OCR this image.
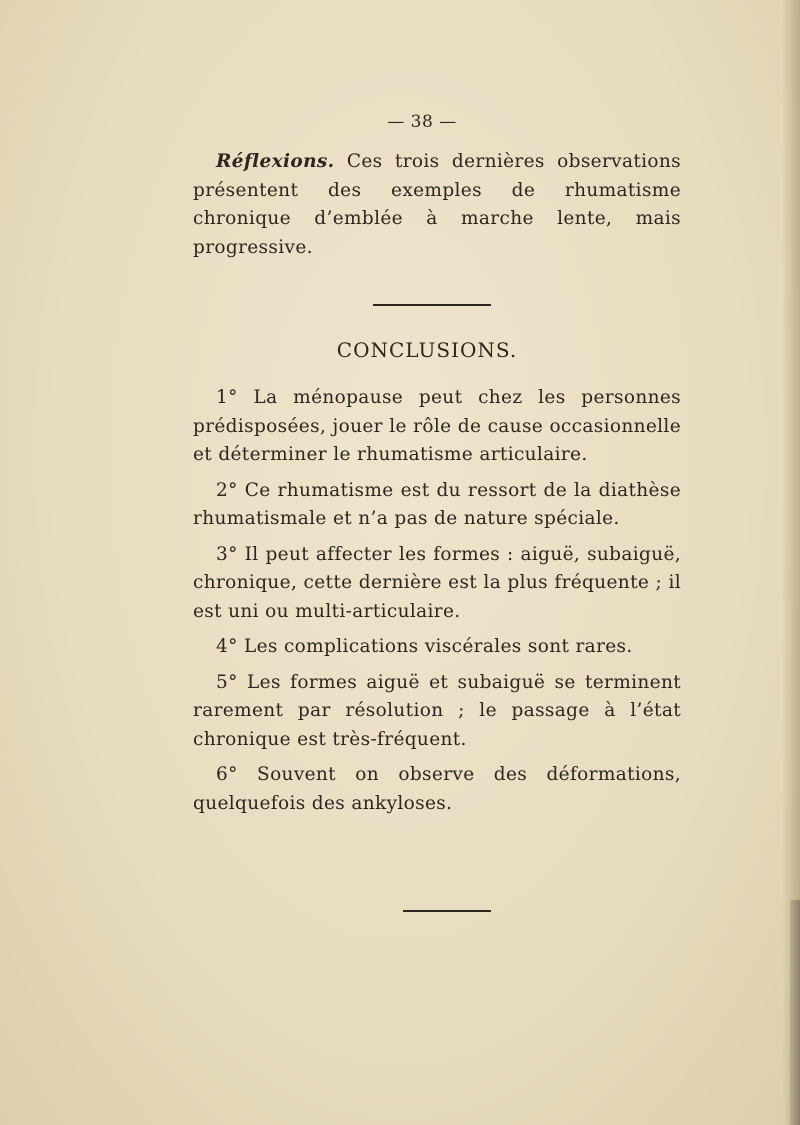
— 38 —

Réflexions. Ces trois dernières observations présentent des exemples de rhumatisme chronique d’emblée à marche lente, mais progressive.

CONCLUSIONS.

1° La ménopause peut chez les personnes prédisposées, jouer le rôle de cause occasionnelle et déterminer le rhumatisme articulaire.

2° Ce rhumatisme est du ressort de la diathèse rhumatismale et n’a pas de nature spéciale.

3° Il peut affecter les formes : aiguë, subaiguë, chronique, cette dernière est la plus fréquente ; il est uni ou multi-articulaire.

4° Les complications viscérales sont rares.

5° Les formes aiguë et subaiguë se terminent rarement par résolution ; le passage à l’état chronique est très-fréquent.

6° Souvent on observe des déformations, quelquefois des ankyloses.
